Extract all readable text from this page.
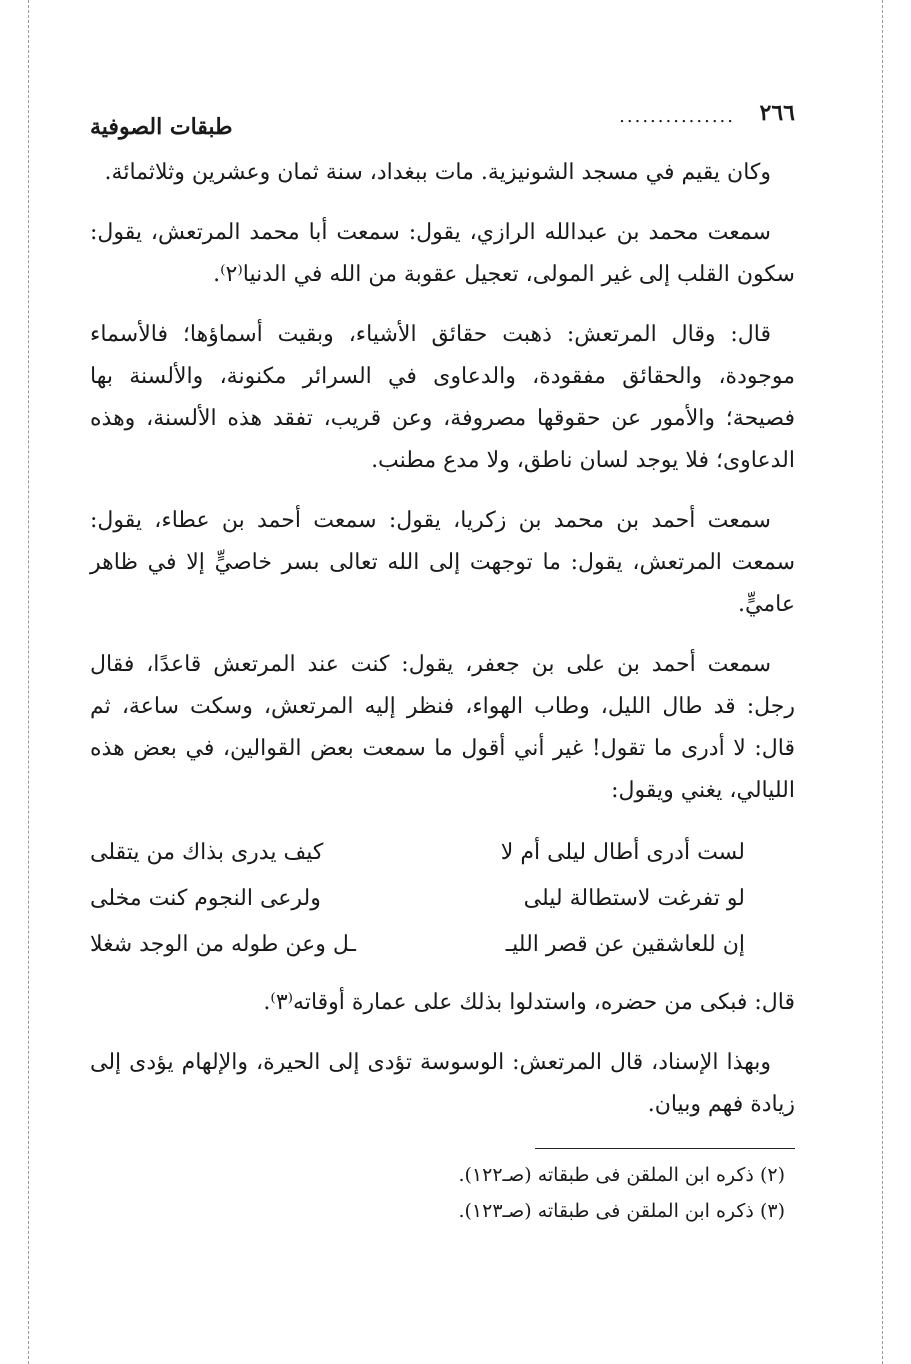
٢٦٦
...............
طبقات الصوفية

وكان يقيم في مسجد الشونيزية. مات ببغداد، سنة ثمان وعشرين وثلاثمائة.

سمعت محمد بن عبدالله الرازي، يقول: سمعت أبا محمد المرتعش، يقول: سكون القلب إلى غير المولى، تعجيل عقوبة من الله في الدنيا⁽٢⁾.

قال: وقال المرتعش: ذهبت حقائق الأشياء، وبقيت أسماؤها؛ فالأسماء موجودة، والحقائق مفقودة، والدعاوى في السرائر مكنونة، والألسنة بها فصيحة؛ والأمور عن حقوقها مصروفة، وعن قريب، تفقد هذه الألسنة، وهذه الدعاوى؛ فلا يوجد لسان ناطق، ولا مدع مطنب.

سمعت أحمد بن محمد بن زكريا، يقول: سمعت أحمد بن عطاء، يقول: سمعت المرتعش، يقول: ما توجهت إلى الله تعالى بسر خاصيٍّ إلا في ظاهر عاميٍّ.

سمعت أحمد بن على بن جعفر، يقول: كنت عند المرتعش قاعدًا، فقال رجل: قد طال الليل، وطاب الهواء، فنظر إليه المرتعش، وسكت ساعة، ثم قال: لا أدرى ما تقول! غير أني أقول ما سمعت بعض القوالين، في بعض هذه الليالي، يغني ويقول:

لست أدرى أطال ليلى أم لا
كيف يدرى بذاك من يتقلى
لو تفرغت لاستطالة ليلى
ولرعى النجوم كنت مخلى
إن للعاشقين عن قصر الليـ
ـل وعن طوله من الوجد شغلا

قال: فبكى من حضره، واستدلوا بذلك على عمارة أوقاته⁽٣⁾.

وبهذا الإسناد، قال المرتعش: الوسوسة تؤدى إلى الحيرة، والإلهام يؤدى إلى زيادة فهم وبيان.

(٢) ذكره ابن الملقن فى طبقاته (صـ١٢٢).
(٣) ذكره ابن الملقن فى طبقاته (صـ١٢٣).
